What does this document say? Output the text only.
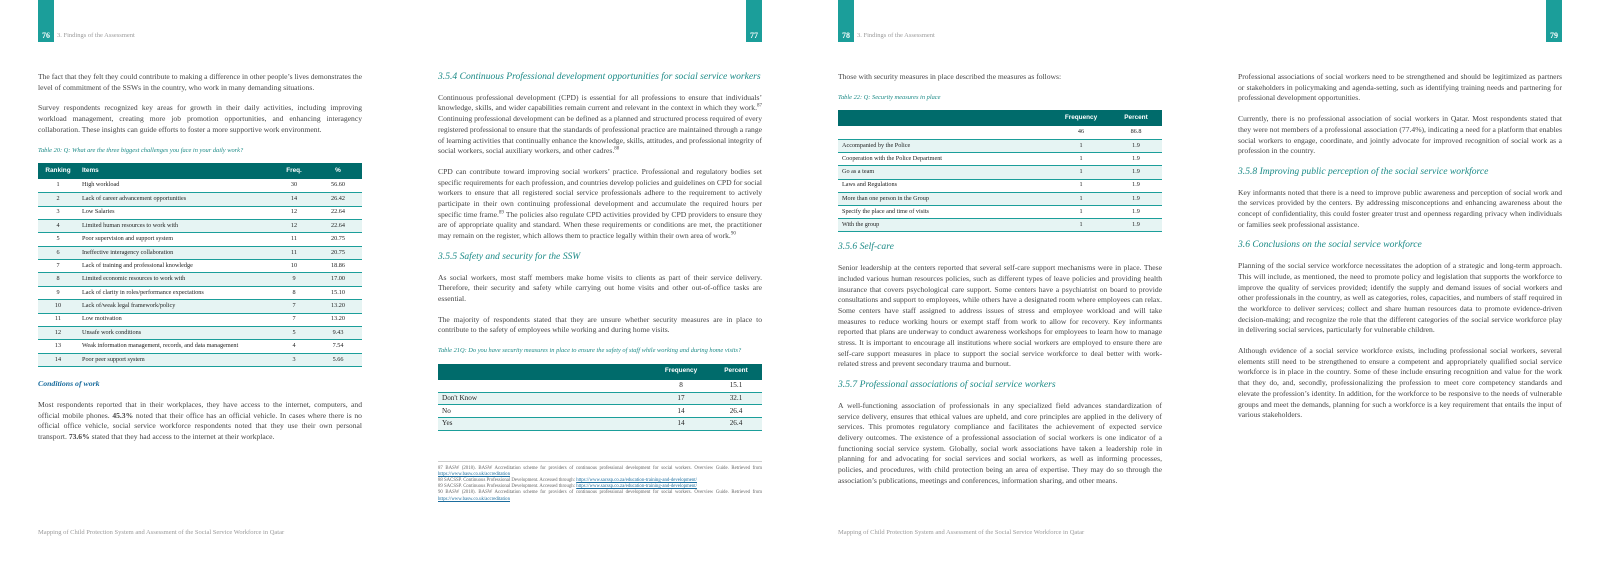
76	3. Findings of the Assessment

The fact that they felt they could contribute to making a difference in other people’s lives demonstrates the level of commitment of the SSWs in the country, who work in many demanding situations.

Survey respondents recognized key areas for growth in their daily activities, including improving workload management, creating more job promotion opportunities, and enhancing interagency collaboration. These insights can guide efforts to foster a more supportive work environment.

Table 20: Q: What are the three biggest challenges you face in your daily work?
Ranking	Items	Freq.	%
1	High workload	30	56.60
2	Lack of career advancement opportunities	14	26.42
3	Low Salaries	12	22.64
4	Limited human resources to work with	12	22.64
5	Poor supervision and support system	11	20.75
6	Ineffective interagency collaboration	11	20.75
7	Lack of training and professional knowledge	10	18.86
8	Limited economic resources to work with	9	17.00
9	Lack of clarity in roles/performance expectations	8	15.10
10	Lack of/weak legal framework/policy	7	13.20
11	Low motivation	7	13.20
12	Unsafe work conditions	5	9.43
13	Weak information management, records, and data management	4	7.54
14	Poor peer support system	3	5.66
Conditions of work

Most respondents reported that in their workplaces, they have access to the internet, computers, and official mobile phones. 45.3% noted that their office has an official vehicle. In cases where there is no official office vehicle, social service workforce respondents noted that they use their own personal transport. 73.6% stated that they had access to the internet at their workplace.

Mapping of Child Protection System and Assessment of the Social Service Workforce in Qatar
77
3.5.4 Continuous Professional development opportunities for social service workers

Continuous professional development (CPD) is essential for all professions to ensure that individuals’ knowledge, skills, and wider capabilities remain current and relevant in the context in which they work.$^{87}$ Continuing professional development can be defined as a planned and structured process required of every registered professional to ensure that the standards of professional practice are maintained through a range of learning activities that continually enhance the knowledge, skills, attitudes, and professional integrity of social workers, social auxiliary workers, and other cadres.$^{88}$

CPD can contribute toward improving social workers’ practice. Professional and regulatory bodies set specific requirements for each profession, and countries develop policies and guidelines on CPD for social workers to ensure that all registered social service professionals adhere to the requirement to actively participate in their own continuing professional development and accumulate the required hours per specific time frame.$^{89}$ The policies also regulate CPD activities provided by CPD providers to ensure they are of appropriate quality and standard. When these requirements or conditions are met, the practitioner may remain on the register, which allows them to practice legally within their own area of work.$^{90}$

3.5.5 Safety and security for the SSW

As social workers, most staff members make home visits to clients as part of their service delivery. Therefore, their security and safety while carrying out home visits and other out-of-office tasks are essential.

The majority of respondents stated that they are unsure whether security measures are in place to contribute to the safety of employees while working and during home visits.

Table 21Q: Do you have security measures in place to ensure the safety of staff while working and during home visits?
	Frequency	Percent
	8	15.1
Don't Know	17	32.1
No	14	26.4
Yes	14	26.4
87 BASW (2018). BASW Accreditation scheme for providers of continuous professional development for social workers. Overview Guide. Retrieved from https://www.basw.co.uk/accreditation
88 SACSSP. Continuous Professional Development. Accessed through: https://www.sacssp.co.za/education-training-and-development/
89 SACSSP. Continuous Professional Development. Accessed through: https://www.sacssp.co.za/education-training-and-development/
90 BASW (2018). BASW Accreditation scheme for providers of continuous professional development for social workers. Overview Guide. Retrieved from https://www.basw.co.uk/accreditation
78	3. Findings of the Assessment

Those with security measures in place described the measures as follows:

Table 22: Q: Security measures in place
	Frequency	Percent
	46	86.8
Accompanied by the Police	1	1.9
Cooperation with the Police Department	1	1.9
Go as a team	1	1.9
Laws and Regulations	1	1.9
More than one person in the Group	1	1.9
Specify the place and time of visits	1	1.9
With the group	1	1.9
3.5.6 Self-care

Senior leadership at the centers reported that several self-care support mechanisms were in place. These included various human resources policies, such as different types of leave policies and providing health insurance that covers psychological care support. Some centers have a psychiatrist on board to provide consultations and support to employees, while others have a designated room where employees can relax. Some centers have staff assigned to address issues of stress and employee workload and will take measures to reduce working hours or exempt staff from work to allow for recovery. Key informants reported that plans are underway to conduct awareness workshops for employees to learn how to manage stress. It is important to encourage all institutions where social workers are employed to ensure there are self-care support measures in place to support the social service workforce to deal better with work-related stress and prevent secondary trauma and burnout.

3.5.7 Professional associations of social service workers

A well-functioning association of professionals in any specialized field advances standardization of service delivery, ensures that ethical values are upheld, and core principles are applied in the delivery of services. This promotes regulatory compliance and facilitates the achievement of expected service delivery outcomes. The existence of a professional association of social workers is one indicator of a functioning social service system. Globally, social work associations have taken a leadership role in planning for and advocating for social services and social workers, as well as informing processes, policies, and procedures, with child protection being an area of expertise. They may do so through the association’s publications, meetings and conferences, information sharing, and other means.

Mapping of Child Protection System and Assessment of the Social Service Workforce in Qatar
79

Professional associations of social workers need to be strengthened and should be legitimized as partners or stakeholders in policymaking and agenda-setting, such as identifying training needs and partnering for professional development opportunities.

Currently, there is no professional association of social workers in Qatar. Most respondents stated that they were not members of a professional association (77.4%), indicating a need for a platform that enables social workers to engage, coordinate, and jointly advocate for improved recognition of social work as a profession in the country.

3.5.8 Improving public perception of the social service workforce

Key informants noted that there is a need to improve public awareness and perception of social work and the services provided by the centers. By addressing misconceptions and enhancing awareness about the concept of confidentiality, this could foster greater trust and openness regarding privacy when individuals or families seek professional assistance.

3.6 Conclusions on the social service workforce

Planning of the social service workforce necessitates the adoption of a strategic and long-term approach. This will include, as mentioned, the need to promote policy and legislation that supports the workforce to improve the quality of services provided; identify the supply and demand issues of social workers and other professionals in the country, as well as categories, roles, capacities, and numbers of staff required in the workforce to deliver services; collect and share human resources data to promote evidence-driven decision-making; and recognize the role that the different categories of the social service workforce play in delivering social services, particularly for vulnerable children.

Although evidence of a social service workforce exists, including professional social workers, several elements still need to be strengthened to ensure a competent and appropriately qualified social service workforce is in place in the country. Some of these include ensuring recognition and value for the work that they do, and, secondly, professionalizing the profession to meet core competency standards and elevate the profession’s identity. In addition, for the workforce to be responsive to the needs of vulnerable groups and meet the demands, planning for such a workforce is a key requirement that entails the input of various stakeholders.
